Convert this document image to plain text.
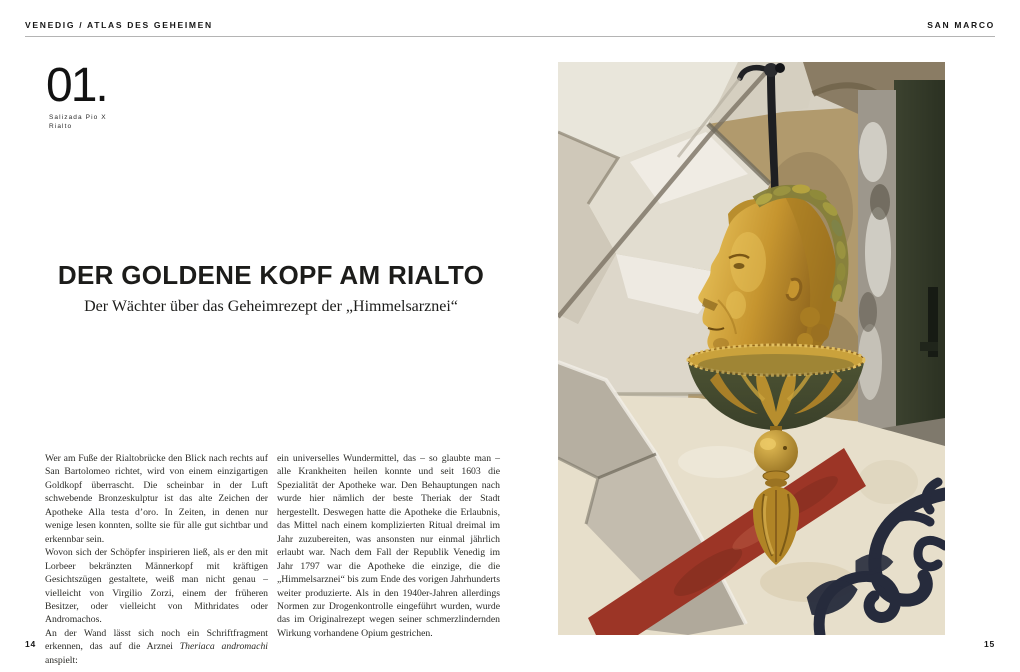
VENEDIG / ATLAS DES GEHEIMEN	SAN MARCO
01.
Salizada Pio X
Rialto
DER GOLDENE KOPF AM RIALTO
Der Wächter über das Geheimrezept der „Himmelsarznei“

Wer am Fuße der Rialtobrücke den Blick nach rechts auf San Bartolomeo richtet, wird von einem einzigartigen Goldkopf überrascht. Die scheinbar in der Luft schwebende Bronzeskulptur ist das alte Zeichen der Apotheke Alla testa d’oro. In Zeiten, in denen nur wenige lesen konnten, sollte sie für alle gut sichtbar und erkennbar sein.

Wovon sich der Schöpfer inspirieren ließ, als er den mit Lorbeer bekränzten Männerkopf mit kräftigen Gesichtszügen gestaltete, weiß man nicht genau – vielleicht von Virgilio Zorzi, einem der früheren Besitzer, oder vielleicht von Mithridates oder Andromachos.

An der Wand lässt sich noch ein Schriftfragment erkennen, das auf die Arznei Theriaca andromachi anspielt:

ein universelles Wundermittel, das – so glaubte man – alle Krankheiten heilen konnte und seit 1603 die Spezialität der Apotheke war. Den Behauptungen nach wurde hier nämlich der beste Theriak der Stadt hergestellt. Deswegen hatte die Apotheke die Erlaubnis, das Mittel nach einem komplizierten Ritual dreimal im Jahr zuzubereiten, was ansonsten nur einmal jährlich erlaubt war. Nach dem Fall der Republik Venedig im Jahr 1797 war die Apotheke die einzige, die die „Himmelsarznei“ bis zum Ende des vorigen Jahrhunderts weiter produzierte. Als in den 1940er-Jahren allerdings Normen zur Drogenkontrolle eingeführt wurden, wurde das im Originalrezept wegen seiner schmerzlindernden Wirkung vorhandene Opium gestrichen.

14	15
